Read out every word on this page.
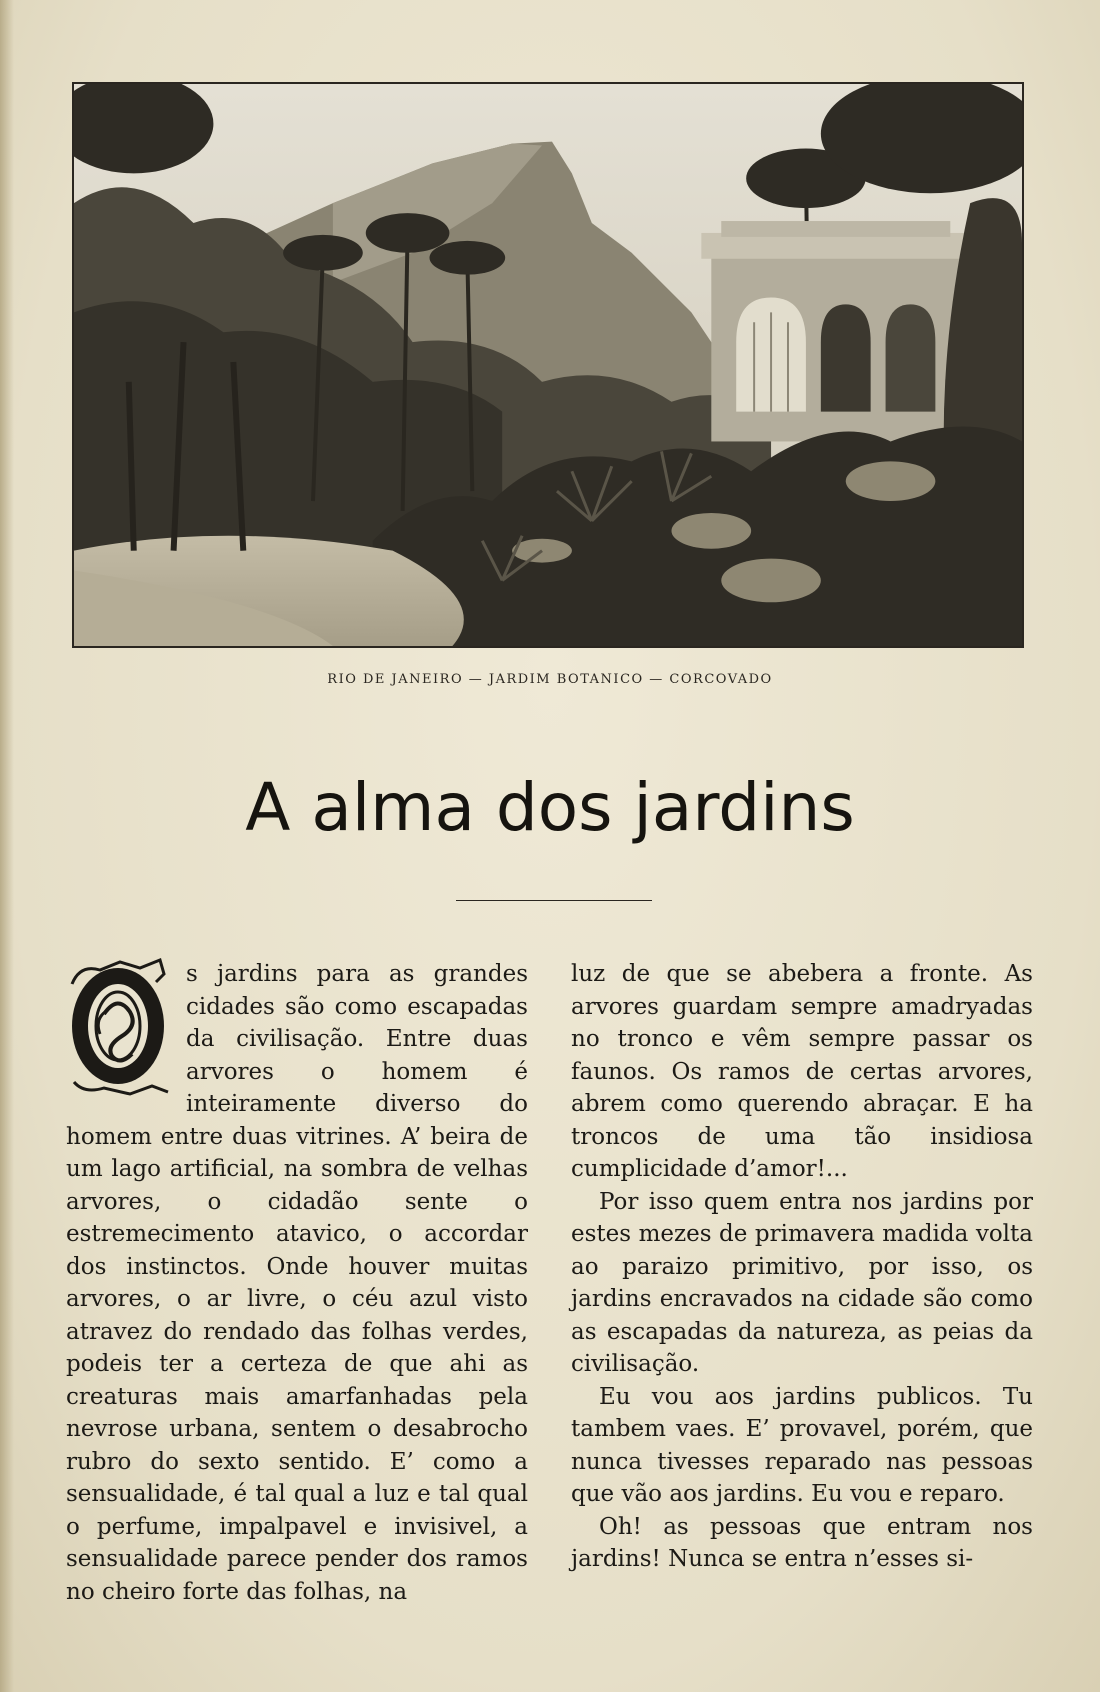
RIO DE JANEIRO — JARDIM BOTANICO — CORCOVADO
A alma dos jardins

s jardins para as grandes cidades são como escapadas da civilisação. Entre duas arvores o homem é inteiramente diverso do homem entre duas vitrines. A’ beira de um lago artificial, na sombra de velhas arvores, o cidadão sente o estremecimento atavico, o accordar dos instinctos. Onde houver muitas arvores, o ar livre, o céu azul visto atravez do rendado das folhas verdes, podeis ter a certeza de que ahi as creaturas mais amarfanhadas pela nevrose urbana, sentem o desabrocho rubro do sexto sentido. E’ como a sensualidade, é tal qual a luz e tal qual o perfume, impalpavel e invisivel, a sensualidade parece pender dos ramos no cheiro forte das folhas, na

luz de que se abebera a fronte. As arvores guardam sempre amadryadas no tronco e vêm sempre passar os faunos. Os ramos de certas arvores, abrem como querendo abraçar. E ha troncos de uma tão insidiosa cumplicidade d’amor!...

Por isso quem entra nos jardins por estes mezes de primavera madida volta ao paraizo primitivo, por isso, os jardins encravados na cidade são como as escapadas da natureza, as peias da civilisação.

Eu vou aos jardins publicos. Tu tambem vaes. E’ provavel, porém, que nunca tivesses reparado nas pessoas que vão aos jardins. Eu vou e reparo.

Oh! as pessoas que entram nos jardins! Nunca se entra n’esses si-
